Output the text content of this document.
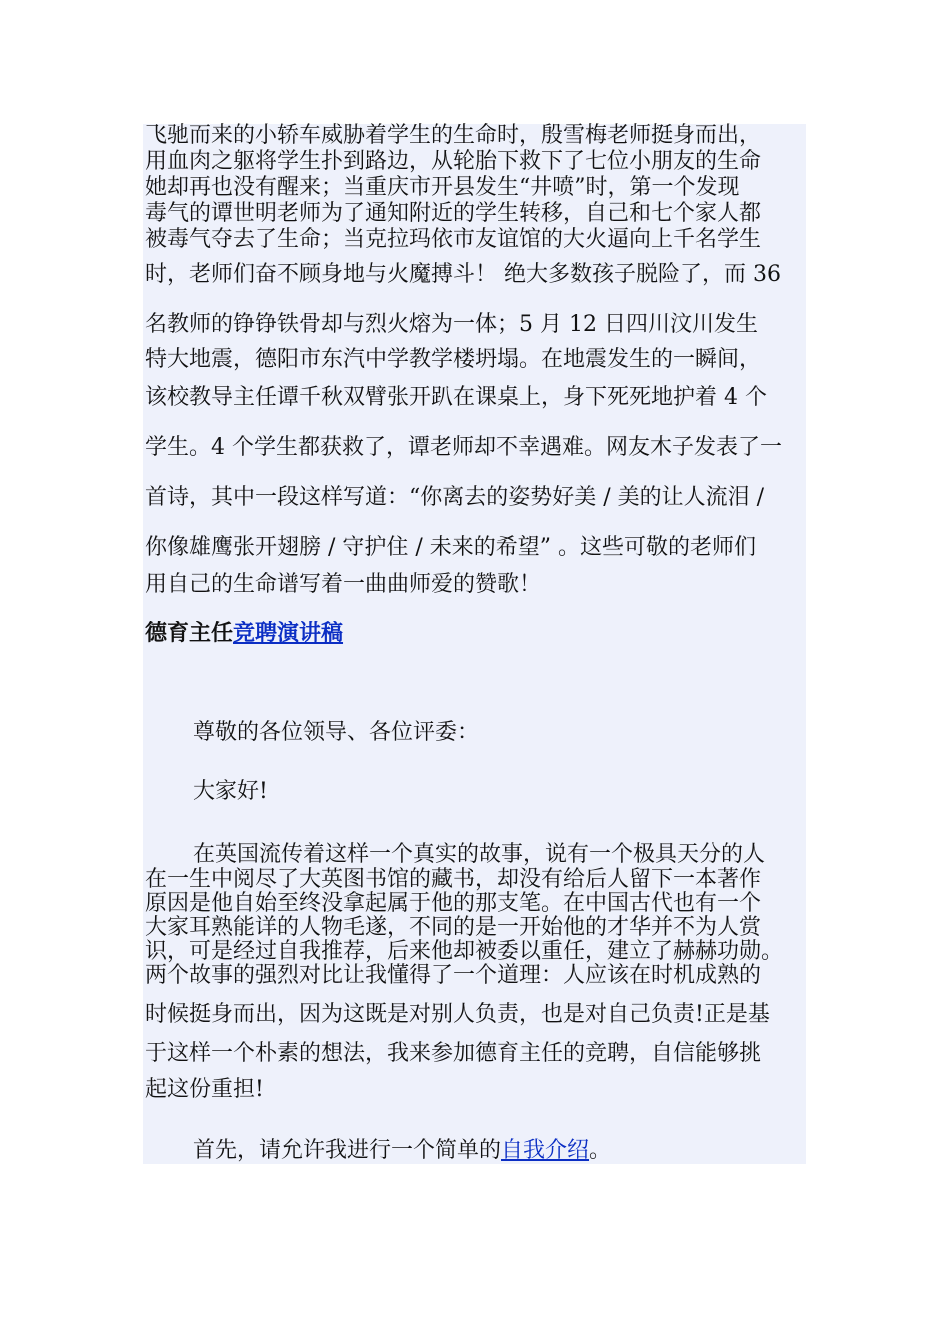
飞驰而来的小轿车威胁着学生的生命时，殷雪梅老师挺身而出，
用血肉之躯将学生扑到路边，从轮胎下救下了七位小朋友的生命
她却再也没有醒来；当重庆市开县发生“井喷”时，第一个发现
毒气的谭世明老师为了通知附近的学生转移，自己和七个家人都
被毒气夺去了生命；当克拉玛依市友谊馆的大火逼向上千名学生
时，老师们奋不顾身地与火魔搏斗！ 绝大多数孩子脱险了，而 36
名教师的铮铮铁骨却与烈火熔为一体；5 月 12 日四川汶川发生
特大地震，德阳市东汽中学教学楼坍塌。在地震发生的一瞬间，
该校教导主任谭千秋双臂张开趴在课桌上，身下死死地护着 4 个
学生。4 个学生都获救了，谭老师却不幸遇难。网友木子发表了一
首诗，其中一段这样写道：“你离去的姿势好美 / 美的让人流泪 /
你像雄鹰张开翅膀 / 守护住 / 未来的希望” 。这些可敬的老师们
用自己的生命谱写着一曲曲师爱的赞歌！
德育主任竞聘演讲稿
尊敬的各位领导、各位评委：
大家好!
在英国流传着这样一个真实的故事，说有一个极具天分的人
在一生中阅尽了大英图书馆的藏书，却没有给后人留下一本著作
原因是他自始至终没拿起属于他的那支笔。在中国古代也有一个
大家耳熟能详的人物毛遂，不同的是一开始他的才华并不为人赏
识，可是经过自我推荐，后来他却被委以重任，建立了赫赫功勋。
两个故事的强烈对比让我懂得了一个道理：人应该在时机成熟的
时候挺身而出，因为这既是对别人负责，也是对自己负责!正是基
于这样一个朴素的想法，我来参加德育主任的竞聘，自信能够挑
起这份重担!
首先，请允许我进行一个简单的自我介绍。
